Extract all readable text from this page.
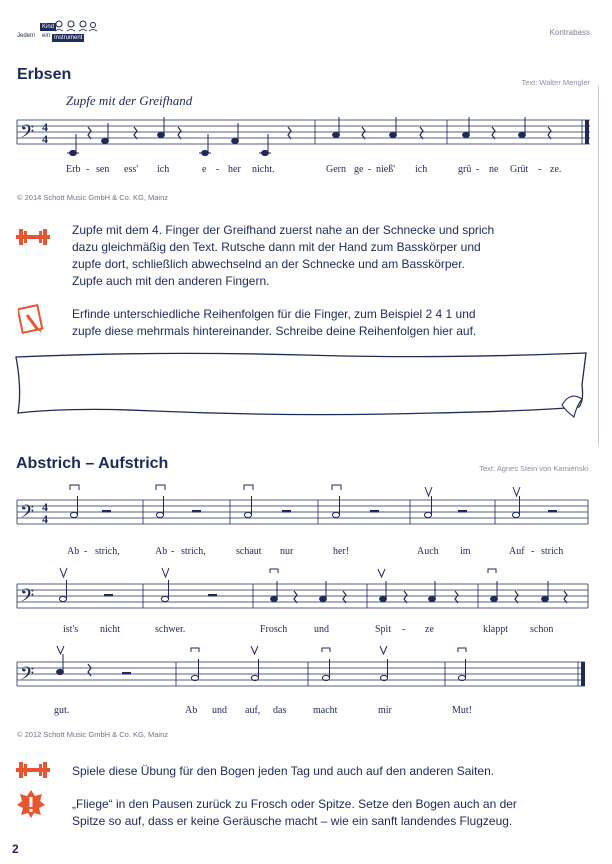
Jedem
Kind
ein Instrument
Kontrabass
Erbsen	Text: Walter Mengler
Zupfe mit der Greifhand
𝄢 4
4
Erb - sen ess' ich	e - her nicht.	Gern ge - nieß' ich	grü - ne Grüt - ze.
© 2014 Schott Music GmbH & Co. KG, Mainz
Zupfe mit dem 4. Finger der Greifhand zuerst nahe an der Schnecke und sprich
dazu gleichmäßig den Text. Rutsche dann mit der Hand zum Basskörper und
zupfe dort, schließlich abwechselnd an der Schnecke und am Basskörper.
Zupfe auch mit den anderen Fingern.
Erfinde unterschiedliche Reihenfolgen für die Finger, zum Beispiel 2 4 1 und
zupfe diese mehrmals hintereinander. Schreibe deine Reihenfolgen hier auf.
Abstrich – Aufstrich	Text: Agnes Stein von Kamienski
𝄢 4
4
Ab - strich,	Ab - strich,	schaut nur	her!	Auch im	Auf - strich
𝄢
ist's nicht	schwer.	Frosch	und	Spit - ze	klappt schon
𝄢
gut.	Ab und auf, das	macht	mir	Mut!
© 2012 Schott Music GmbH & Co. KG, Mainz
Spiele diese Übung für den Bogen jeden Tag und auch auf den anderen Saiten.
„Fliege“ in den Pausen zurück zu Frosch oder Spitze. Setze den Bogen auch an der
Spitze so auf, dass er keine Geräusche macht – wie ein sanft landendes Flugzeug.
2
